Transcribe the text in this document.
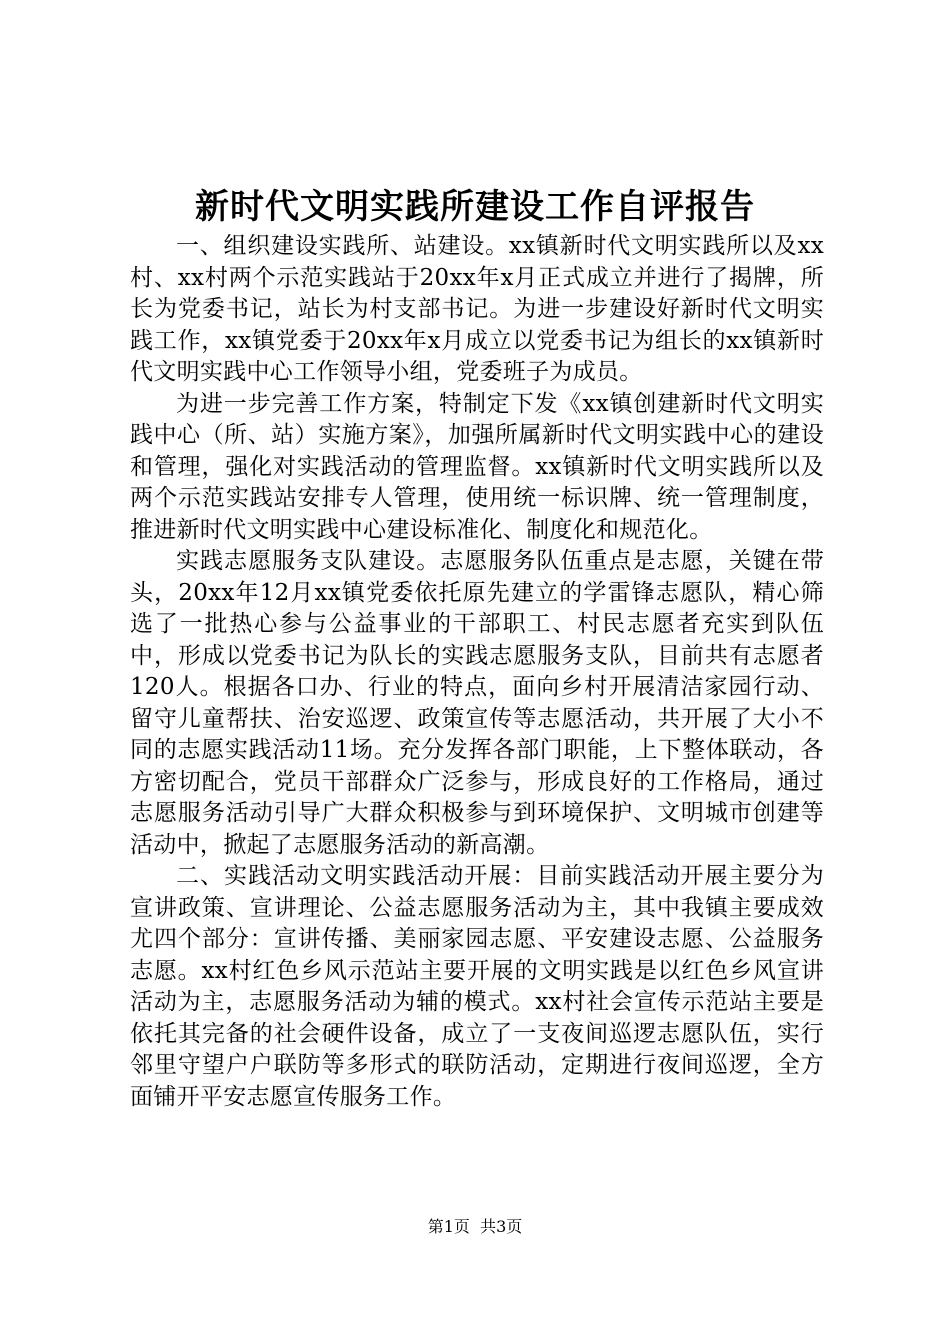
新时代文明实践所建设工作自评报告

一、组织建设实践所、站建设。xx镇新时代文明实践所以及xx村、xx村两个示范实践站于20xx年x月正式成立并进行了揭牌，所长为党委书记，站长为村支部书记。为进一步建设好新时代文明实践工作，xx镇党委于20xx年x月成立以党委书记为组长的xx镇新时代文明实践中心工作领导小组，党委班子为成员。

为进一步完善工作方案，特制定下发《xx镇创建新时代文明实践中心（所、站）实施方案》，加强所属新时代文明实践中心的建设和管理，强化对实践活动的管理监督。xx镇新时代文明实践所以及两个示范实践站安排专人管理，使用统一标识牌、统一管理制度，推进新时代文明实践中心建设标准化、制度化和规范化。

实践志愿服务支队建设。志愿服务队伍重点是志愿，关键在带头，20xx年12月xx镇党委依托原先建立的学雷锋志愿队，精心筛选了一批热心参与公益事业的干部职工、村民志愿者充实到队伍中，形成以党委书记为队长的实践志愿服务支队，目前共有志愿者120人。根据各口办、行业的特点，面向乡村开展清洁家园行动、留守儿童帮扶、治安巡逻、政策宣传等志愿活动，共开展了大小不同的志愿实践活动11场。充分发挥各部门职能，上下整体联动，各方密切配合，党员干部群众广泛参与，形成良好的工作格局，通过志愿服务活动引导广大群众积极参与到环境保护、文明城市创建等活动中，掀起了志愿服务活动的新高潮。

二、实践活动文明实践活动开展：目前实践活动开展主要分为宣讲政策、宣讲理论、公益志愿服务活动为主，其中我镇主要成效尤四个部分：宣讲传播、美丽家园志愿、平安建设志愿、公益服务志愿。xx村红色乡风示范站主要开展的文明实践是以红色乡风宣讲活动为主，志愿服务活动为辅的模式。xx村社会宣传示范站主要是依托其完备的社会硬件设备，成立了一支夜间巡逻志愿队伍，实行邻里守望户户联防等多形式的联防活动，定期进行夜间巡逻，全方面铺开平安志愿宣传服务工作。

第1页  共3页
